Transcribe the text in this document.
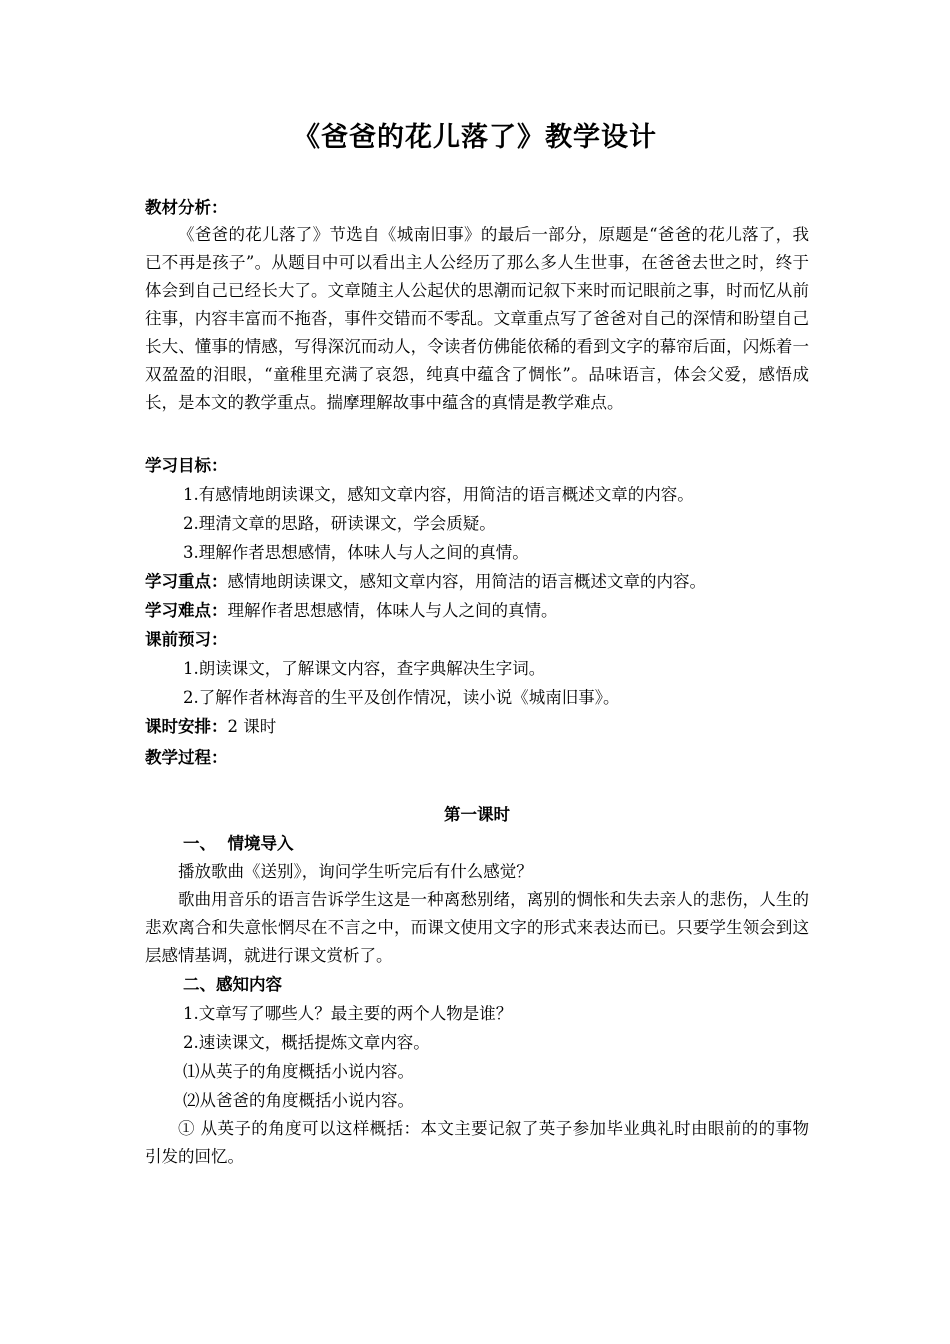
《爸爸的花儿落了》教学设计

教材分析：

《爸爸的花儿落了》节选自《城南旧事》的最后一部分，原题是“爸爸的花儿落了，我已不再是孩子”。从题目中可以看出主人公经历了那么多人生世事，在爸爸去世之时，终于体会到自己已经长大了。文章随主人公起伏的思潮而记叙下来时而记眼前之事，时而忆从前往事，内容丰富而不拖沓，事件交错而不零乱。文章重点写了爸爸对自己的深情和盼望自己长大、懂事的情感，写得深沉而动人，令读者仿佛能依稀的看到文字的幕帘后面，闪烁着一双盈盈的泪眼，“童稚里充满了哀怨，纯真中蕴含了惆怅”。品味语言，体会父爱，感悟成长，是本文的教学重点。揣摩理解故事中蕴含的真情是教学难点。

学习目标：

1.有感情地朗读课文，感知文章内容，用简洁的语言概述文章的内容。

2.理清文章的思路，研读课文，学会质疑。

3.理解作者思想感情，体味人与人之间的真情。

学习重点：感情地朗读课文，感知文章内容，用简洁的语言概述文章的内容。

学习难点：理解作者思想感情，体味人与人之间的真情。

课前预习：

1.朗读课文，了解课文内容，查字典解决生字词。

2.了解作者林海音的生平及创作情况，读小说《城南旧事》。

课时安排：2 课时

教学过程：

第一课时

一、  情境导入

播放歌曲《送别》，询问学生听完后有什么感觉？

歌曲用音乐的语言告诉学生这是一种离愁别绪，离别的惆怅和失去亲人的悲伤，人生的悲欢离合和失意怅惘尽在不言之中，而课文使用文字的形式来表达而已。只要学生领会到这层感情基调，就进行课文赏析了。

二、感知内容

1.文章写了哪些人？最主要的两个人物是谁？

2.速读课文，概括提炼文章内容。

⑴从英子的角度概括小说内容。

⑵从爸爸的角度概括小说内容。

① 从英子的角度可以这样概括：本文主要记叙了英子参加毕业典礼时由眼前的的事物引发的回忆。
